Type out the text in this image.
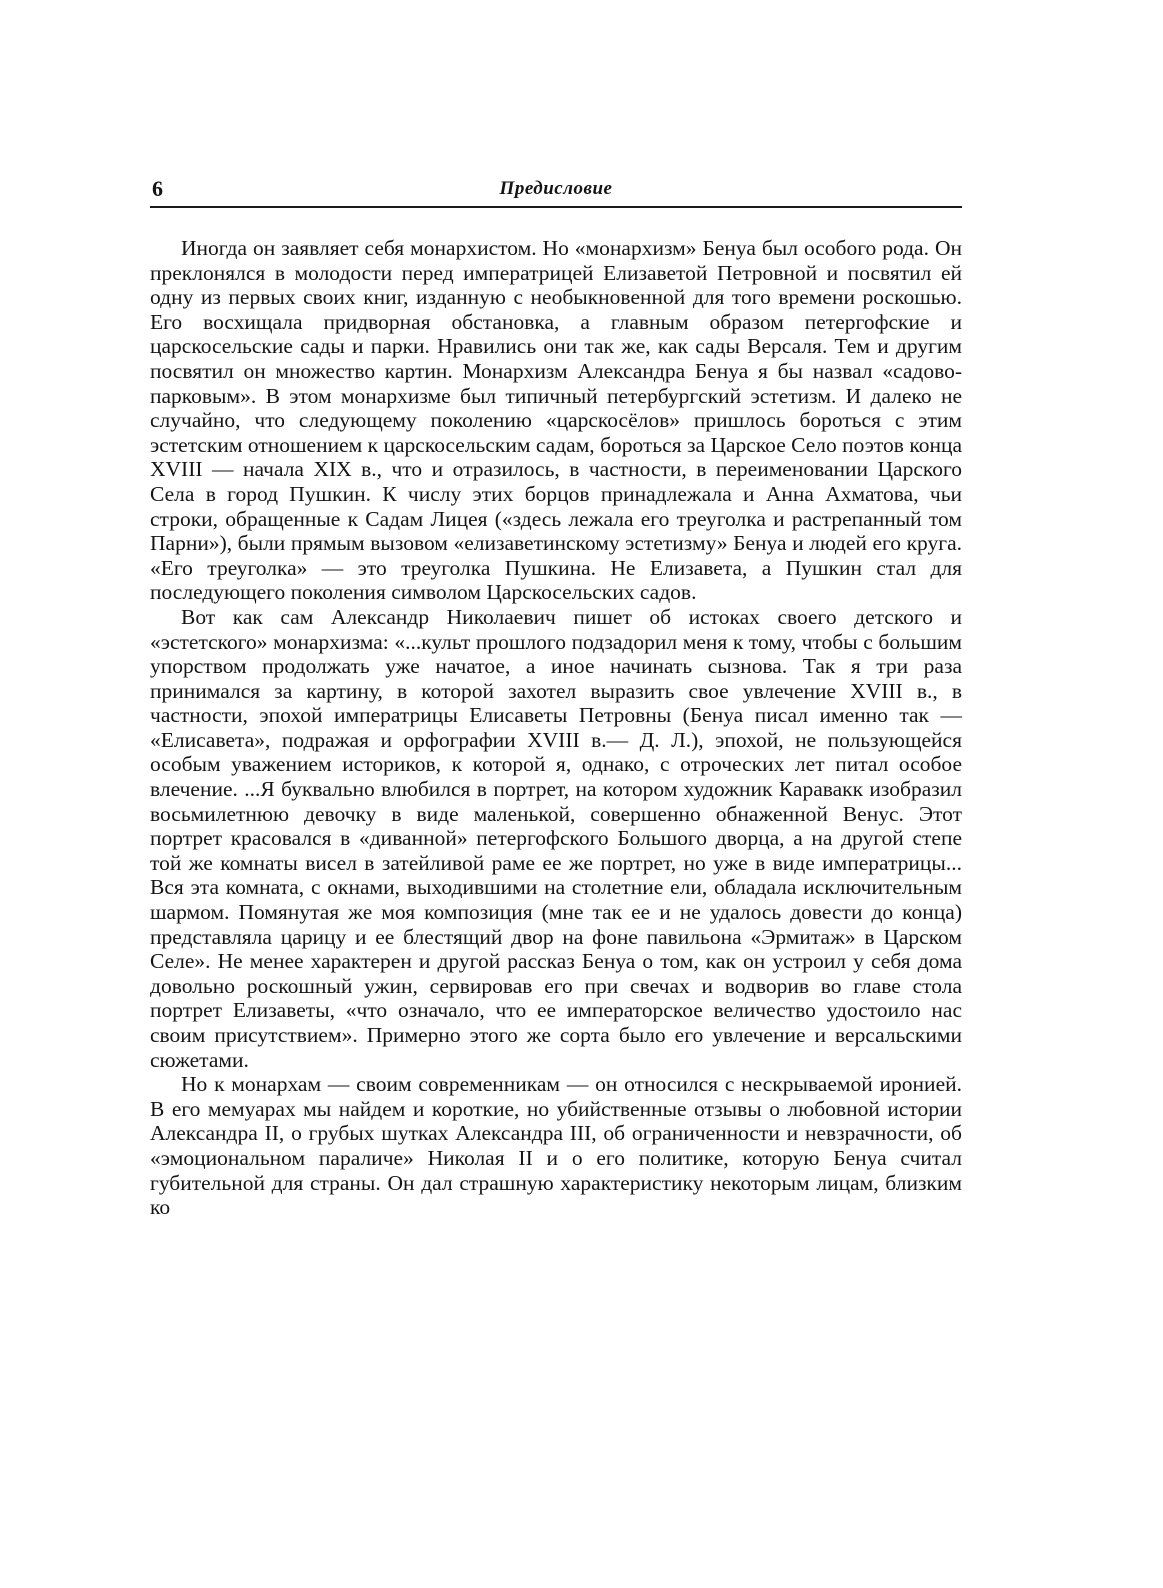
6	Предисловие

Иногда он заявляет себя монархистом. Но «монархизм» Бенуа был особого рода. Он преклонялся в молодости перед императрицей Елизаветой Петровной и посвятил ей одну из первых своих книг, изданную с необыкновенной для того времени роскошью. Его восхищала придворная обстановка, а главным образом петергофские и царскосельские сады и парки. Нравились они так же, как сады Версаля. Тем и другим посвятил он множество картин. Монархизм Александра Бенуа я бы назвал «садово-парковым». В этом монархизме был типичный петербургский эстетизм. И далеко не случайно, что следующему поколению «царскосёлов» пришлось бороться с этим эстетским отношением к царскосельским садам, бороться за Царское Село поэтов конца XVIII — начала XIX в., что и отразилось, в частности, в переименовании Царского Села в город Пушкин. К числу этих борцов принадлежала и Анна Ахматова, чьи строки, обращенные к Садам Лицея («здесь лежала его треуголка и растрепанный том Парни»), были прямым вызовом «елизаветинскому эстетизму» Бенуа и людей его круга. «Его треуголка» — это треуголка Пушкина. Не Елизавета, а Пушкин стал для последующего поколения символом Царскосельских садов.

Вот как сам Александр Николаевич пишет об истоках своего детского и «эстетского» монархизма: «...культ прошлого подзадорил меня к тому, чтобы с большим упорством продолжать уже начатое, а иное начинать сызнова. Так я три раза принимался за картину, в которой захотел выразить свое увлечение XVIII в., в частности, эпохой императрицы Елисаветы Петровны (Бенуа писал именно так — «Елисавета», подражая и орфографии XVIII в.— Д. Л.), эпохой, не пользующейся особым уважением историков, к которой я, однако, с отроческих лет питал особое влечение. ...Я буквально влюбился в портрет, на котором художник Каравакк изобразил восьмилетнюю девочку в виде маленькой, совершенно обнаженной Венус. Этот портрет красовался в «диванной» петергофского Большого дворца, а на другой степе той же комнаты висел в затейливой раме ее же портрет, но уже в виде императрицы... Вся эта комната, с окнами, выходившими на столетние ели, обладала исключительным шармом. Помянутая же моя композиция (мне так ее и не удалось довести до конца) представляла царицу и ее блестящий двор на фоне павильона «Эрмитаж» в Царском Селе». Не менее характерен и другой рассказ Бенуа о том, как он устроил у себя дома довольно роскошный ужин, сервировав его при свечах и водворив во главе стола портрет Елизаветы, «что означало, что ее императорское величество удостоило нас своим присутствием». Примерно этого же сорта было его увлечение и версальскими сюжетами.

Но к монархам — своим современникам — он относился с нескрываемой иронией. В его мемуарах мы найдем и короткие, но убийственные отзывы о любовной истории Александра II, о грубых шутках Александра III, об ограниченности и невзрачности, об «эмоциональном параличе» Николая II и о его политике, которую Бенуа считал губительной для страны. Он дал страшную характеристику некоторым лицам, близким ко
